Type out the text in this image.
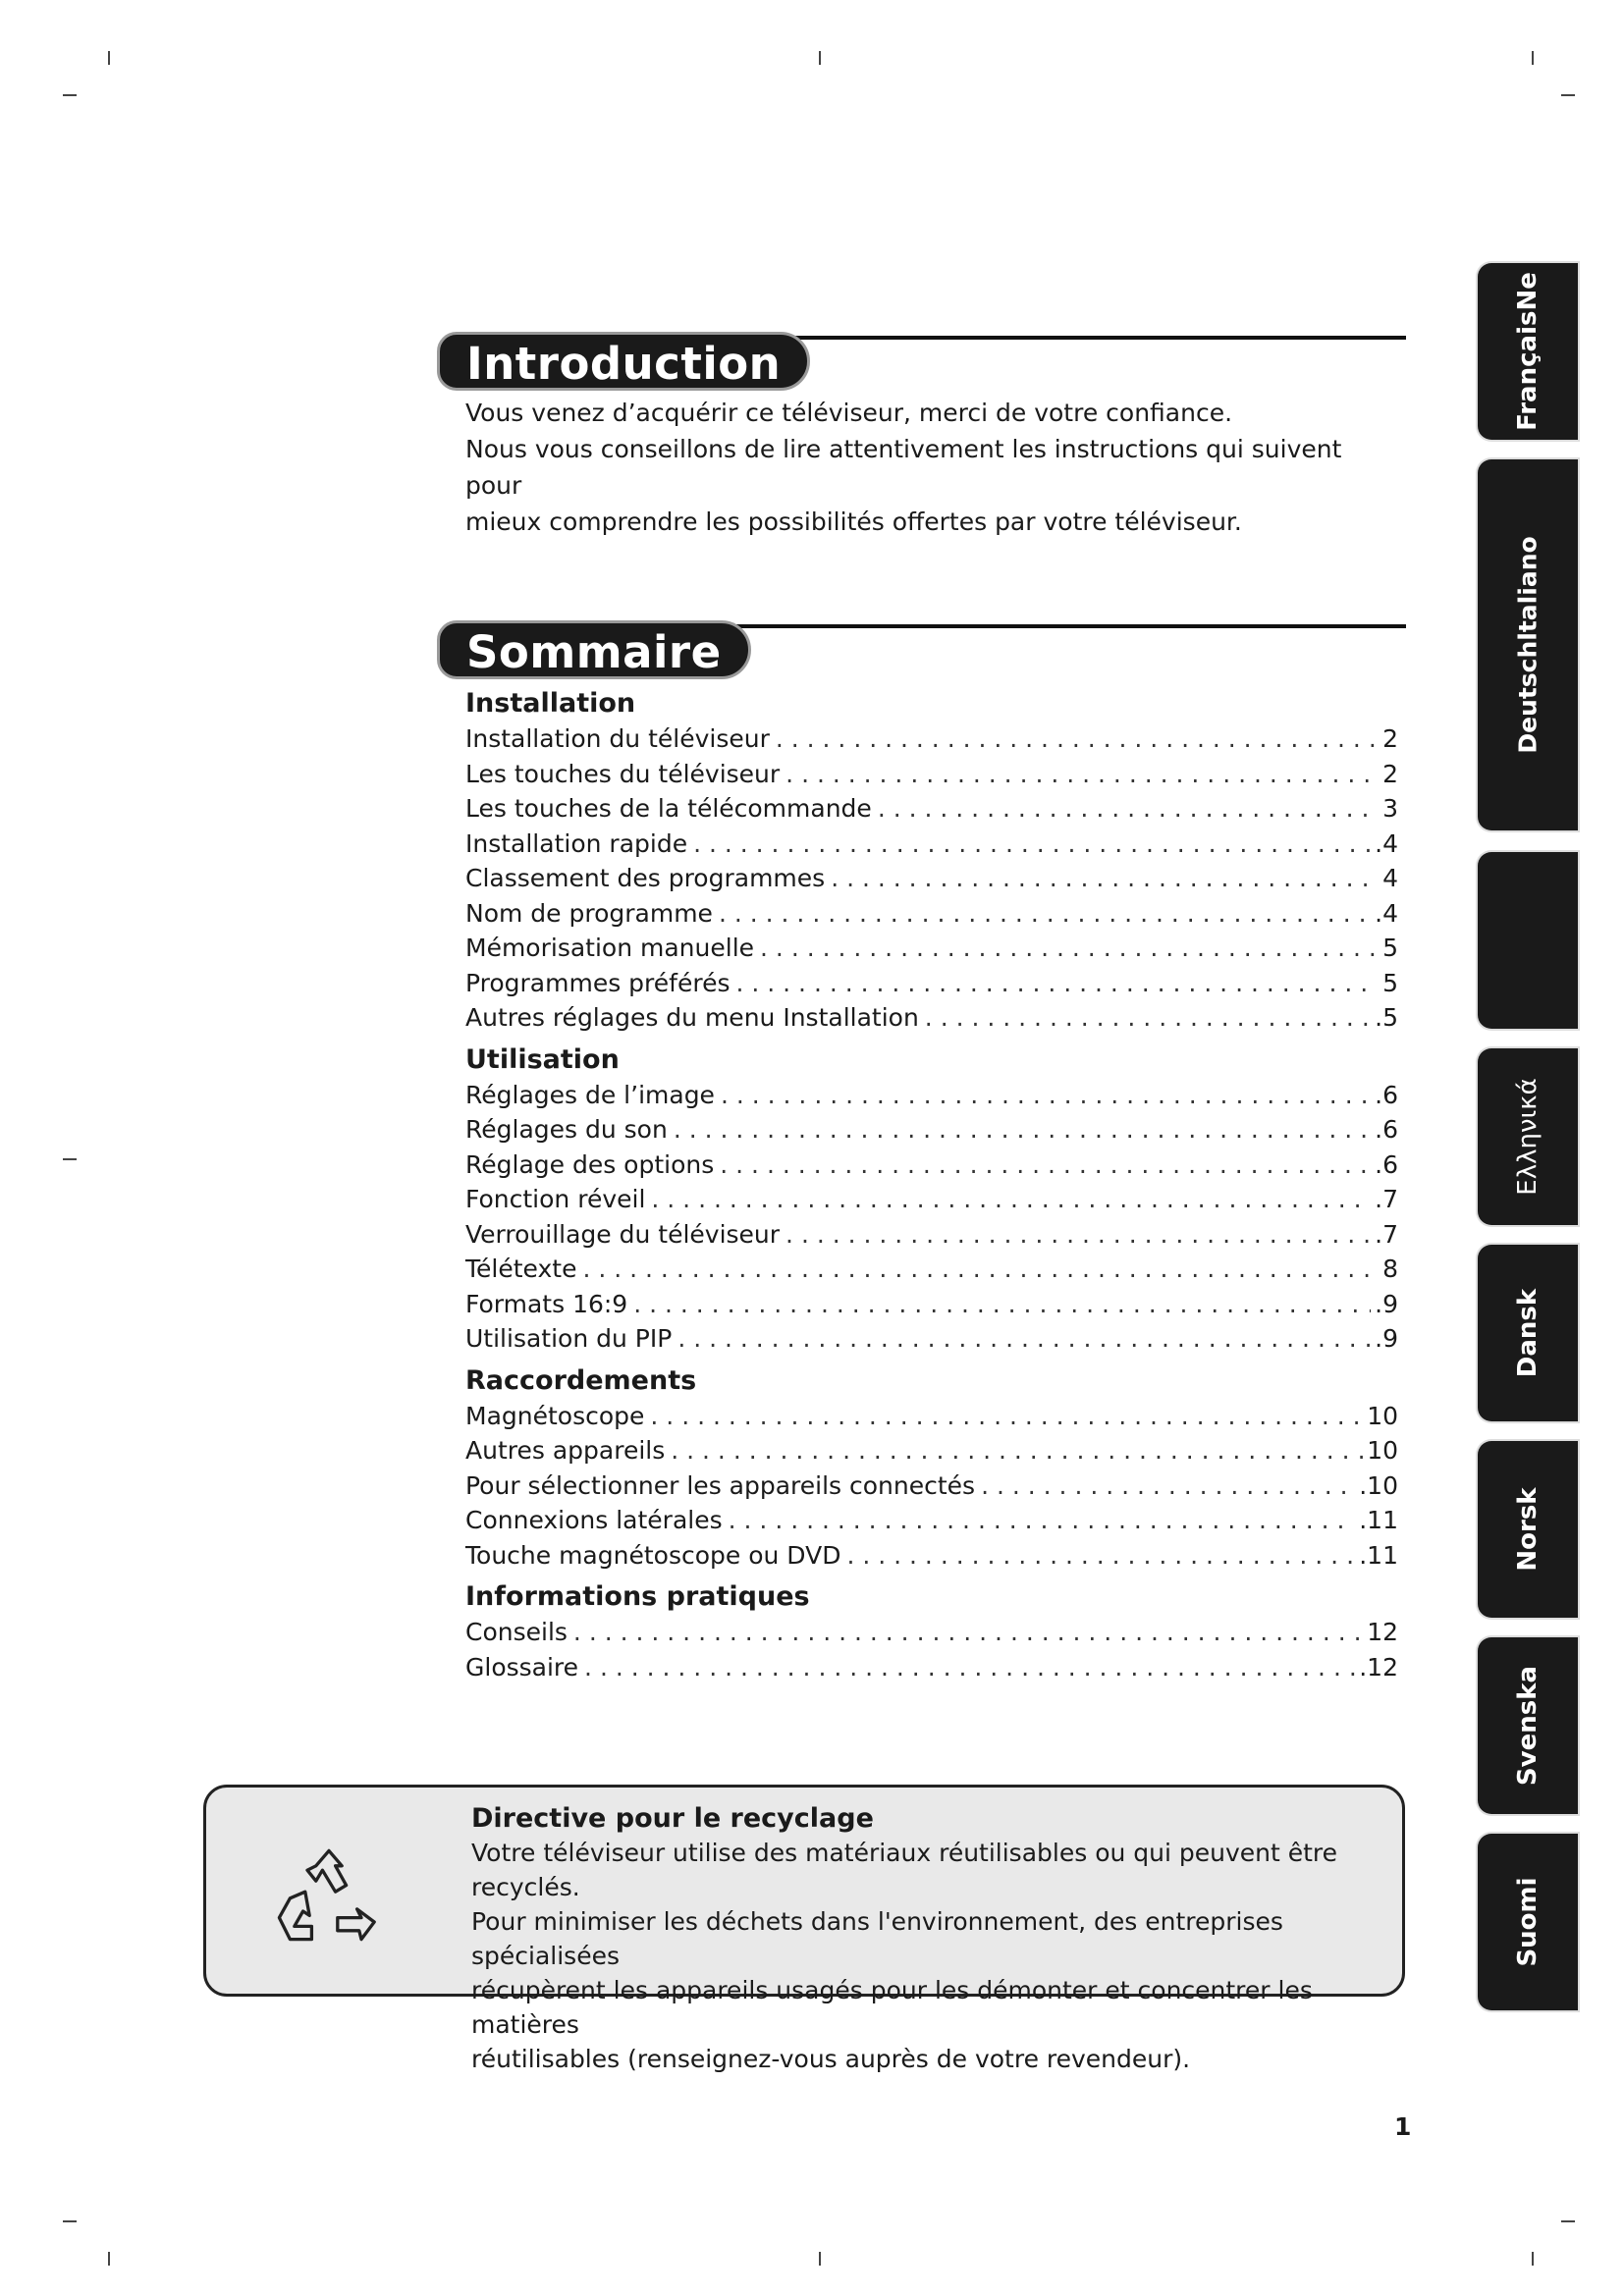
Introduction

Vous venez d’acquérir ce téléviseur, merci de votre confiance.

Nous vous conseillons de lire attentivement les instructions qui suivent pour

mieux comprendre les possibilités offertes par votre téléviseur.

Sommaire
Installation
Installation du téléviseur . . .	2
Les touches du téléviseur . . .	2
Les touches de la télécommande . . .	3
Installation rapide . . .	.4
Classement des programmes . . .	4
Nom de programme . . .	.4
Mémorisation manuelle . . .	5
Programmes préférés . . .	5
Autres réglages du menu Installation . . .	.5
Utilisation
Réglages de l’image . . .	.6
Réglages du son . . .	.6
Réglage des options . . .	.6
Fonction réveil . . .	.7
Verrouillage du téléviseur . . .	.7
Télétexte . . .	8
Formats 16:9 . . .	.9
Utilisation du PIP . . .	.9
Raccordements
Magnétoscope . . .	10
Autres appareils . . .	10
Pour sélectionner les appareils connectés . . .	.10
Connexions latérales . . .	.11
Touche magnétoscope ou DVD . . .	.11
Informations pratiques
Conseils . . .	12
Glossaire . . .	.12

Directive pour le recyclage

Votre téléviseur utilise des matériaux réutilisables ou qui peuvent être recyclés.

Pour minimiser les déchets dans l'environnement, des entreprises spécialisées

récupèrent les appareils usagés pour les démonter et concentrer les matières

réutilisables (renseignez-vous auprès de votre revendeur).

FrançaisNe
Deutschltaliano
Ελληνικά
Dansk
Norsk
Svenska
Suomi
1
